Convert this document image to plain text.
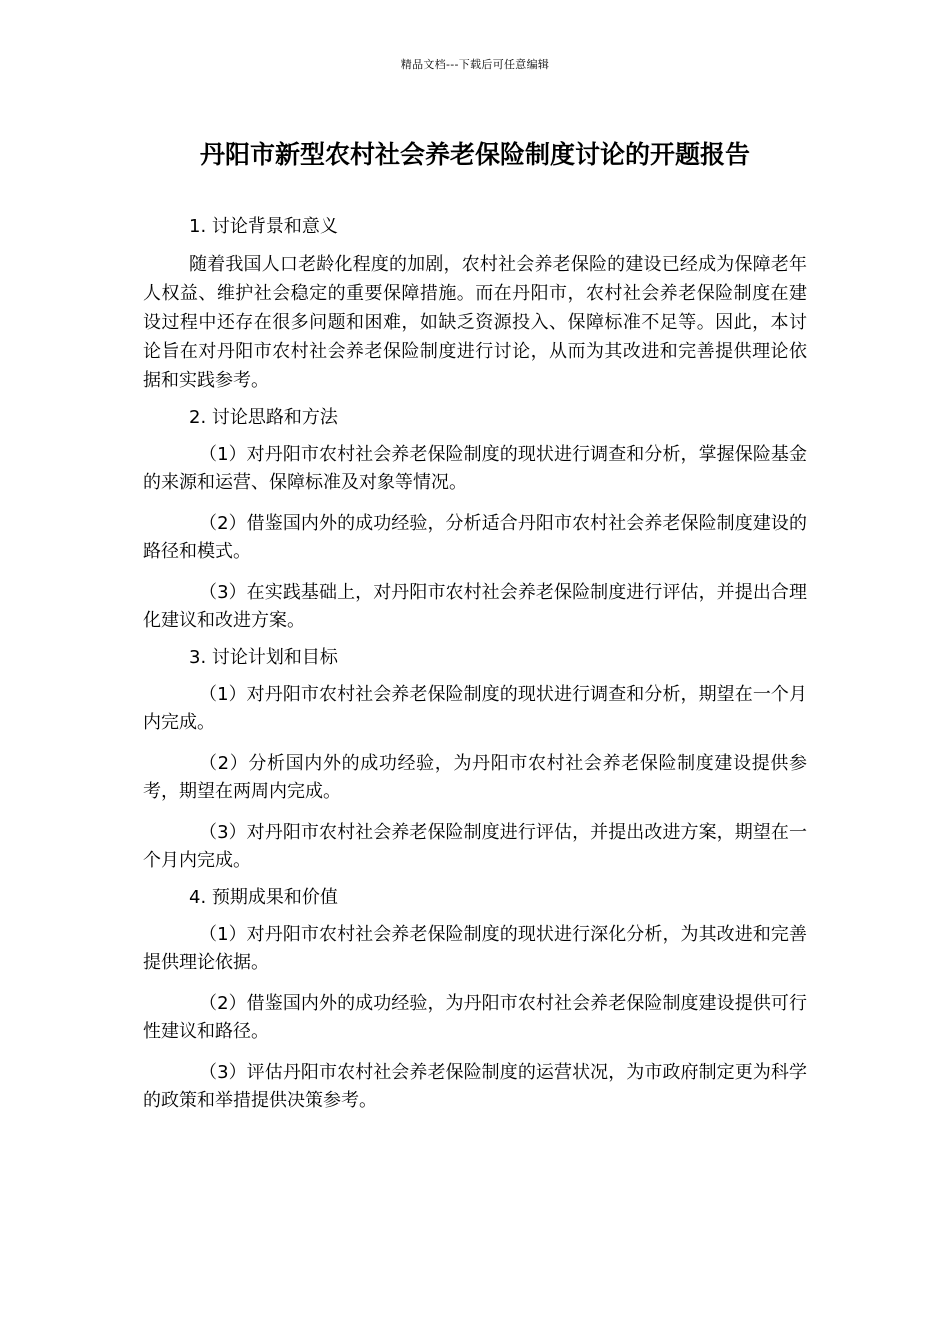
精品文档---下载后可任意编辑
丹阳市新型农村社会养老保险制度讨论的开题报告
1. 讨论背景和意义

随着我国人口老龄化程度的加剧，农村社会养老保险的建设已经成为保障老年人权益、维护社会稳定的重要保障措施。而在丹阳市，农村社会养老保险制度在建设过程中还存在很多问题和困难，如缺乏资源投入、保障标准不足等。因此，本讨论旨在对丹阳市农村社会养老保险制度进行讨论，从而为其改进和完善提供理论依据和实践参考。

2. 讨论思路和方法

（1）对丹阳市农村社会养老保险制度的现状进行调查和分析，掌握保险基金的来源和运营、保障标准及对象等情况。

（2）借鉴国内外的成功经验，分析适合丹阳市农村社会养老保险制度建设的路径和模式。

（3）在实践基础上，对丹阳市农村社会养老保险制度进行评估，并提出合理化建议和改进方案。

3. 讨论计划和目标

（1）对丹阳市农村社会养老保险制度的现状进行调查和分析，期望在一个月内完成。

（2）分析国内外的成功经验，为丹阳市农村社会养老保险制度建设提供参考，期望在两周内完成。

（3）对丹阳市农村社会养老保险制度进行评估，并提出改进方案，期望在一个月内完成。

4. 预期成果和价值

（1）对丹阳市农村社会养老保险制度的现状进行深化分析，为其改进和完善提供理论依据。

（2）借鉴国内外的成功经验，为丹阳市农村社会养老保险制度建设提供可行性建议和路径。

（3）评估丹阳市农村社会养老保险制度的运营状况，为市政府制定更为科学的政策和举措提供决策参考。
